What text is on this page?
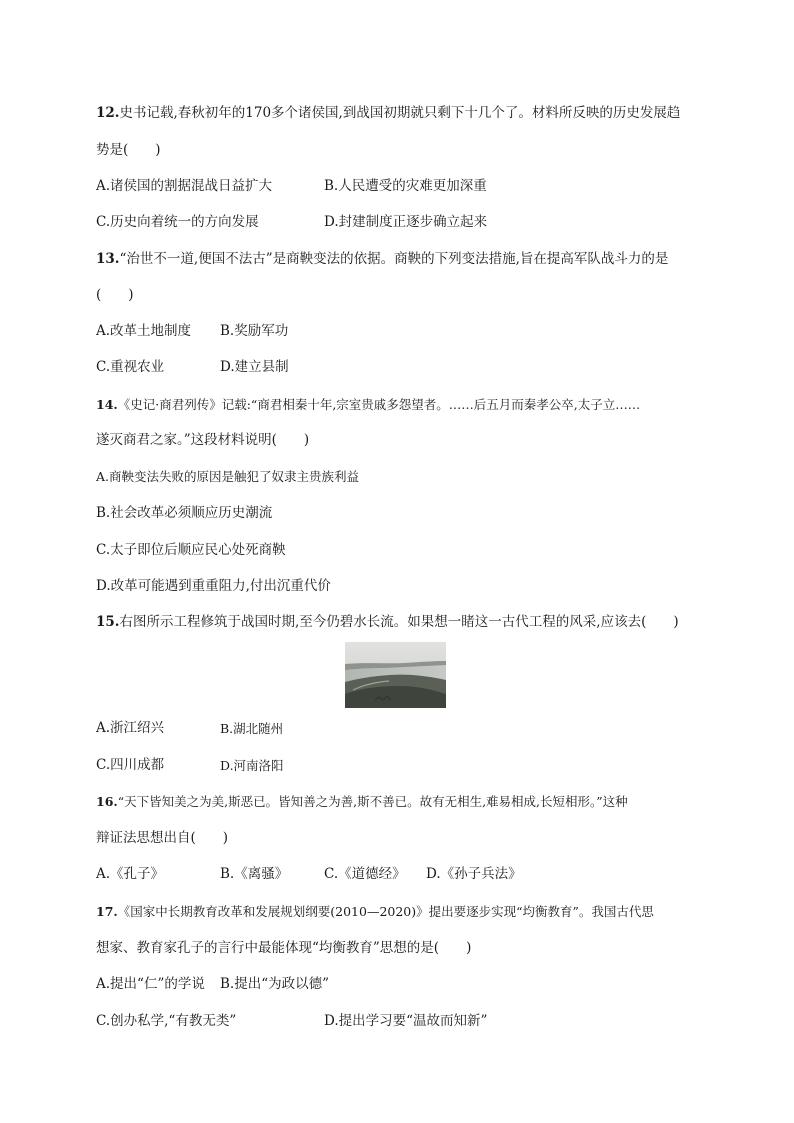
12.史书记载,春秋初年的170多个诸侯国,到战国初期就只剩下十几个了。材料所反映的历史发展趋
势是(　　)
A.诸侯国的割据混战日益扩大	B.人民遭受的灾难更加深重
C.历史向着统一的方向发展	D.封建制度正逐步确立起来
13.“治世不一道,便国不法古”是商鞅变法的依据。商鞅的下列变法措施,旨在提高军队战斗力的是
(　　)
A.改革土地制度 B.奖励军功
C.重视农业	D.建立县制
14.《史记·商君列传》记载:“商君相秦十年,宗室贵戚多怨望者。……后五月而秦孝公卒,太子立……
遂灭商君之家。”这段材料说明(　　)
A.商鞅变法失败的原因是触犯了奴隶主贵族利益
B.社会改革必须顺应历史潮流
C.太子即位后顺应民心处死商鞅
D.改革可能遇到重重阻力,付出沉重代价
15.右图所示工程修筑于战国时期,至今仍碧水长流。如果想一睹这一古代工程的风采,应该去(　　)
A.浙江绍兴	B.湖北随州
C.四川成都	D.河南洛阳
16.“天下皆知美之为美,斯恶已。皆知善之为善,斯不善已。故有无相生,难易相成,长短相形。”这种
辩证法思想出自(　　)
A.《孔子》	B.《离骚》	C.《道德经》 D.《孙子兵法》
17.《国家中长期教育改革和发展规划纲要(2010—2020)》提出要逐步实现“均衡教育”。我国古代思
想家、教育家孔子的言行中最能体现“均衡教育”思想的是(　　)
A.提出“仁”的学说 B.提出“为政以德”
C.创办私学,“有教无类”	D.提出学习要“温故而知新”
